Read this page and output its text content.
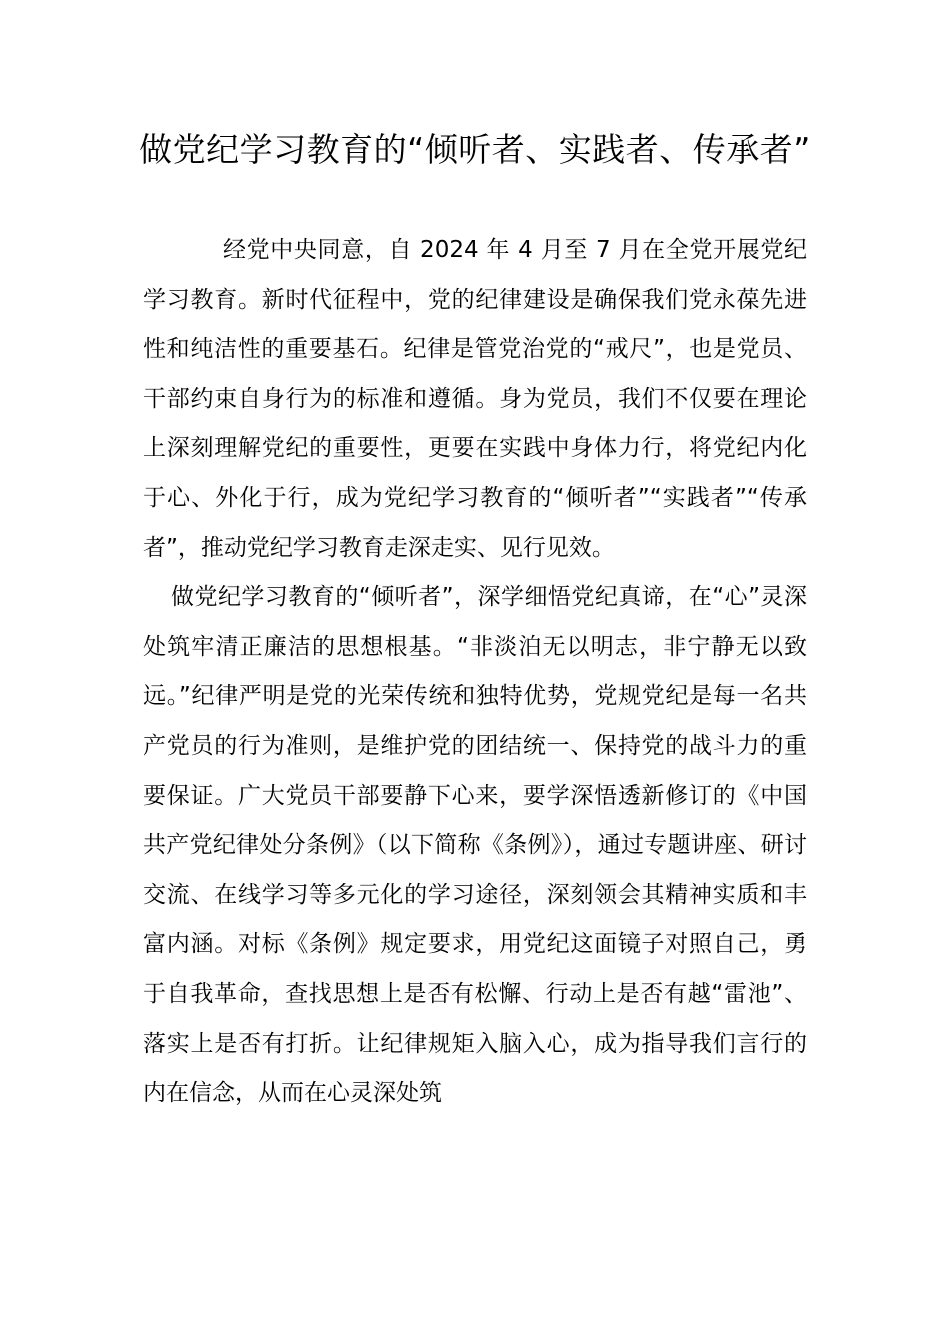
做党纪学习教育的“倾听者、实践者、传承者”

经党中央同意，自 2024 年 4 月至 7 月在全党开展党纪学习教育。新时代征程中，党的纪律建设是确保我们党永葆先进性和纯洁性的重要基石。纪律是管党治党的“戒尺”，也是党员、干部约束自身行为的标准和遵循。身为党员，我们不仅要在理论上深刻理解党纪的重要性，更要在实践中身体力行，将党纪内化于心、外化于行，成为党纪学习教育的“倾听者”“实践者”“传承者”，推动党纪学习教育走深走实、见行见效。

做党纪学习教育的“倾听者”，深学细悟党纪真谛，在“心”灵深处筑牢清正廉洁的思想根基。“非淡泊无以明志，非宁静无以致远。”纪律严明是党的光荣传统和独特优势，党规党纪是每一名共产党员的行为准则，是维护党的团结统一、保持党的战斗力的重要保证。广大党员干部要静下心来，要学深悟透新修订的《中国共产党纪律处分条例》（以下简称《条例》），通过专题讲座、研讨交流、在线学习等多元化的学习途径，深刻领会其精神实质和丰富内涵。对标《条例》规定要求，用党纪这面镜子对照自己，勇于自我革命，查找思想上是否有松懈、行动上是否有越“雷池”、落实上是否有打折。让纪律规矩入脑入心，成为指导我们言行的内在信念，从而在心灵深处筑
